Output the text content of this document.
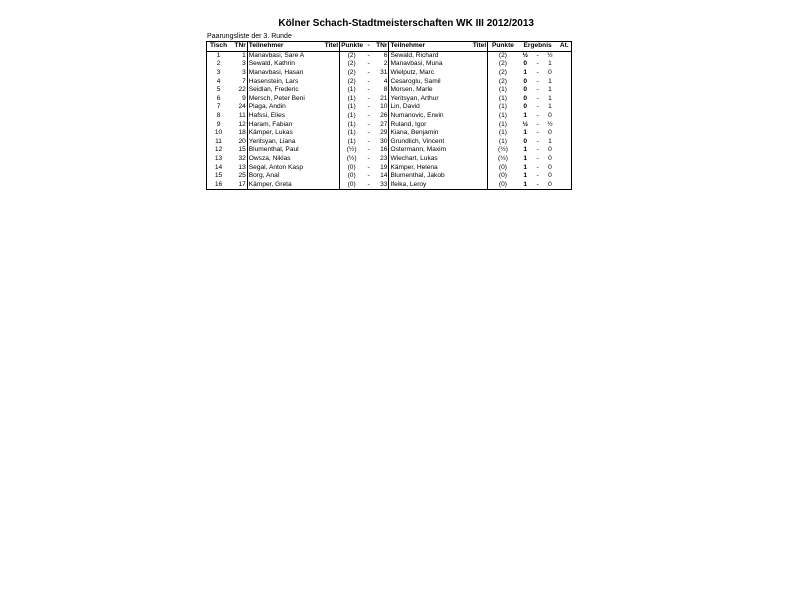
Kölner Schach-Stadtmeisterschaften WK III 2012/2013
Paarungsliste der 3. Runde
Tisch	TNr	Teilnehmer Titel	Punkte	-	TNr	Teilnehmer Titel	Punkte	Ergebnis			At.
1	1	Manavbasi, Sare A	(2)	-	6	Sewald, Richard	(2)	½	-	½	
2	3	Sewald, Kathrin	(2)	-	2	Manavbasi, Muna	(2)	0	-	1	
3	3	Manavbasi, Hasan	(2)	-	31	Wielputz, Marc	(2)	1	-	0	
4	7	Hasenstein, Lars	(2)	-	4	Cesaroglu, Samil	(2)	0	-	1	
5	22	Seidlan, Frederic	(1)	-	8	Morsen, Marle	(1)	0	-	1	
6	9	Mersch, Peter Beni	(1)	-	21	Yeritsyan, Arthur	(1)	0	-	1	
7	24	Plaga, Andin	(1)	-	10	Lin, David	(1)	0	-	1	
8	11	Hafssi, Elies	(1)	-	26	Numanovic, Erwin	(1)	1	-	0	
9	12	Haram, Fabian	(1)	-	27	Ruland, Igor	(1)	½	-	½	
10	18	Kämper, Lukas	(1)	-	29	Kiana, Benjamin	(1)	1	-	0	
11	20	Yeritsyan, Liana	(1)	-	30	Grundlich, Vincent	(1)	0	-	1	
12	15	Blumenthal, Paul	(½)	-	16	Ostermann, Maxim	(½)	1	-	0	
13	32	Owsza, Niklas	(½)	-	23	Wiechart, Lukas	(½)	1	-	0	
14	13	Segal, Anton Kasp	(0)	-	19	Kämper, Helena	(0)	1	-	0	
15	25	Borg, Anal	(0)	-	14	Blumenthal, Jakob	(0)	1	-	0	
16	17	Kämper, Greta	(0)	-	33	Ifeika, Leroy	(0)	1	-	0	
